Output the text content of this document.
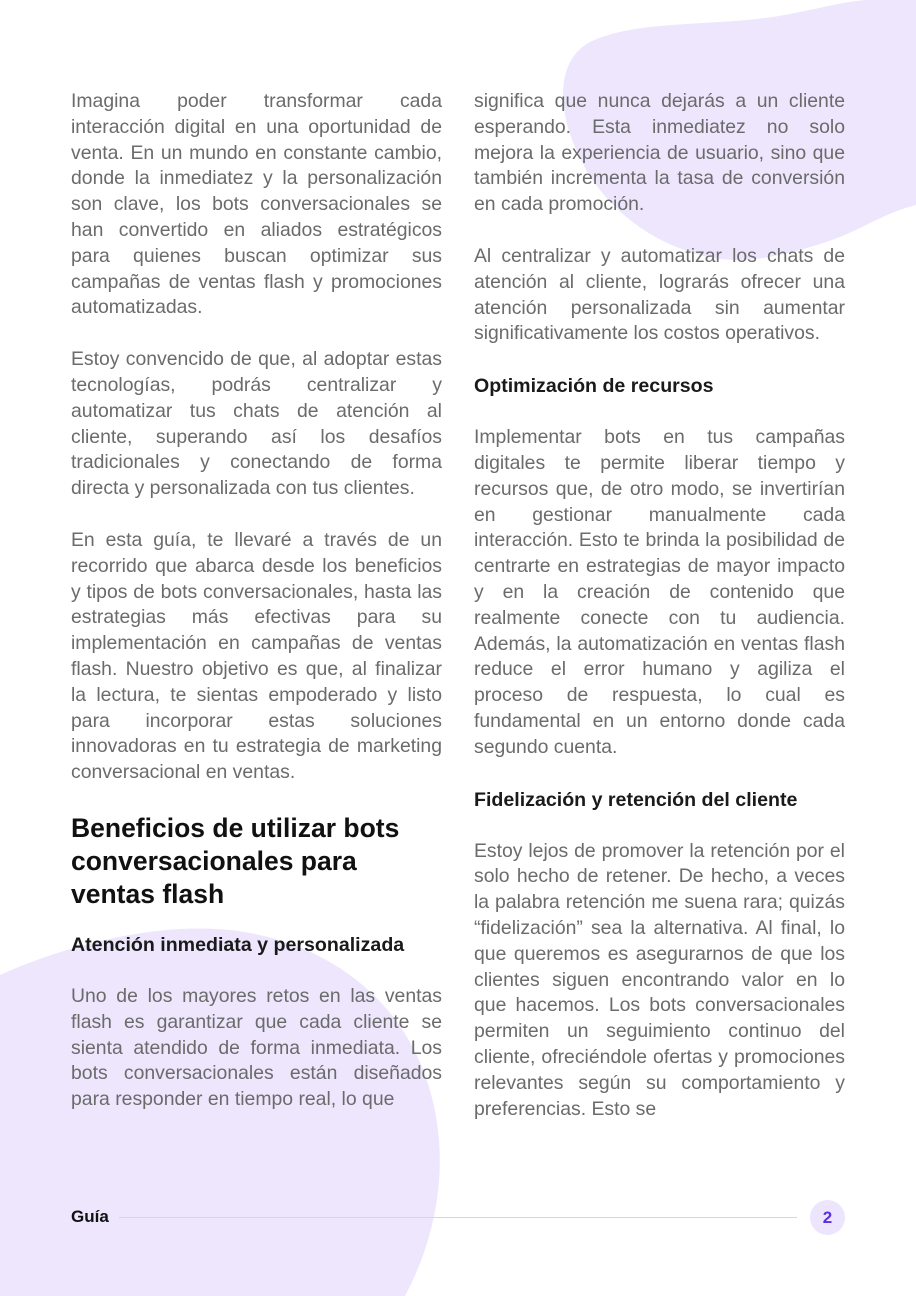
Imagina poder transformar cada interacción digital en una oportunidad de venta. En un mundo en constante cambio, donde la inmediatez y la personalización son clave, los bots conversacionales se han convertido en aliados estratégicos para quienes buscan optimizar sus campañas de ventas flash y promociones automatizadas.

Estoy convencido de que, al adoptar estas tecnologías, podrás centralizar y automatizar tus chats de atención al cliente, superando así los desafíos tradicionales y conectando de forma directa y personalizada con tus clientes.

En esta guía, te llevaré a través de un recorrido que abarca desde los beneficios y tipos de bots conversacionales, hasta las estrategias más efectivas para su implementación en campañas de ventas flash. Nuestro objetivo es que, al finalizar la lectura, te sientas empoderado y listo para incorporar estas soluciones innovadoras en tu estrategia de marketing conversacional en ventas.

Beneficios de utilizar bots conversacionales para ventas flash
Atención inmediata y personalizada

Uno de los mayores retos en las ventas flash es garantizar que cada cliente se sienta atendido de forma inmediata. Los bots conversacionales están diseñados para responder en tiempo real, lo que

significa que nunca dejarás a un cliente esperando. Esta inmediatez no solo mejora la experiencia de usuario, sino que también incrementa la tasa de conversión en cada promoción.

Al centralizar y automatizar los chats de atención al cliente, lograrás ofrecer una atención personalizada sin aumentar significativamente los costos operativos.

Optimización de recursos

Implementar bots en tus campañas digitales te permite liberar tiempo y recursos que, de otro modo, se invertirían en gestionar manualmente cada interacción. Esto te brinda la posibilidad de centrarte en estrategias de mayor impacto y en la creación de contenido que realmente conecte con tu audiencia. Además, la automatización en ventas flash reduce el error humano y agiliza el proceso de respuesta, lo cual es fundamental en un entorno donde cada segundo cuenta.

Fidelización y retención del cliente

Estoy lejos de promover la retención por el solo hecho de retener. De hecho, a veces la palabra retención me suena rara; quizás “fidelización” sea la alternativa. Al final, lo que queremos es asegurarnos de que los clientes siguen encontrando valor en lo que hacemos. Los bots conversacionales permiten un seguimiento continuo del cliente, ofreciéndole ofertas y promociones relevantes según su comportamiento y preferencias. Esto se

Guía	2
